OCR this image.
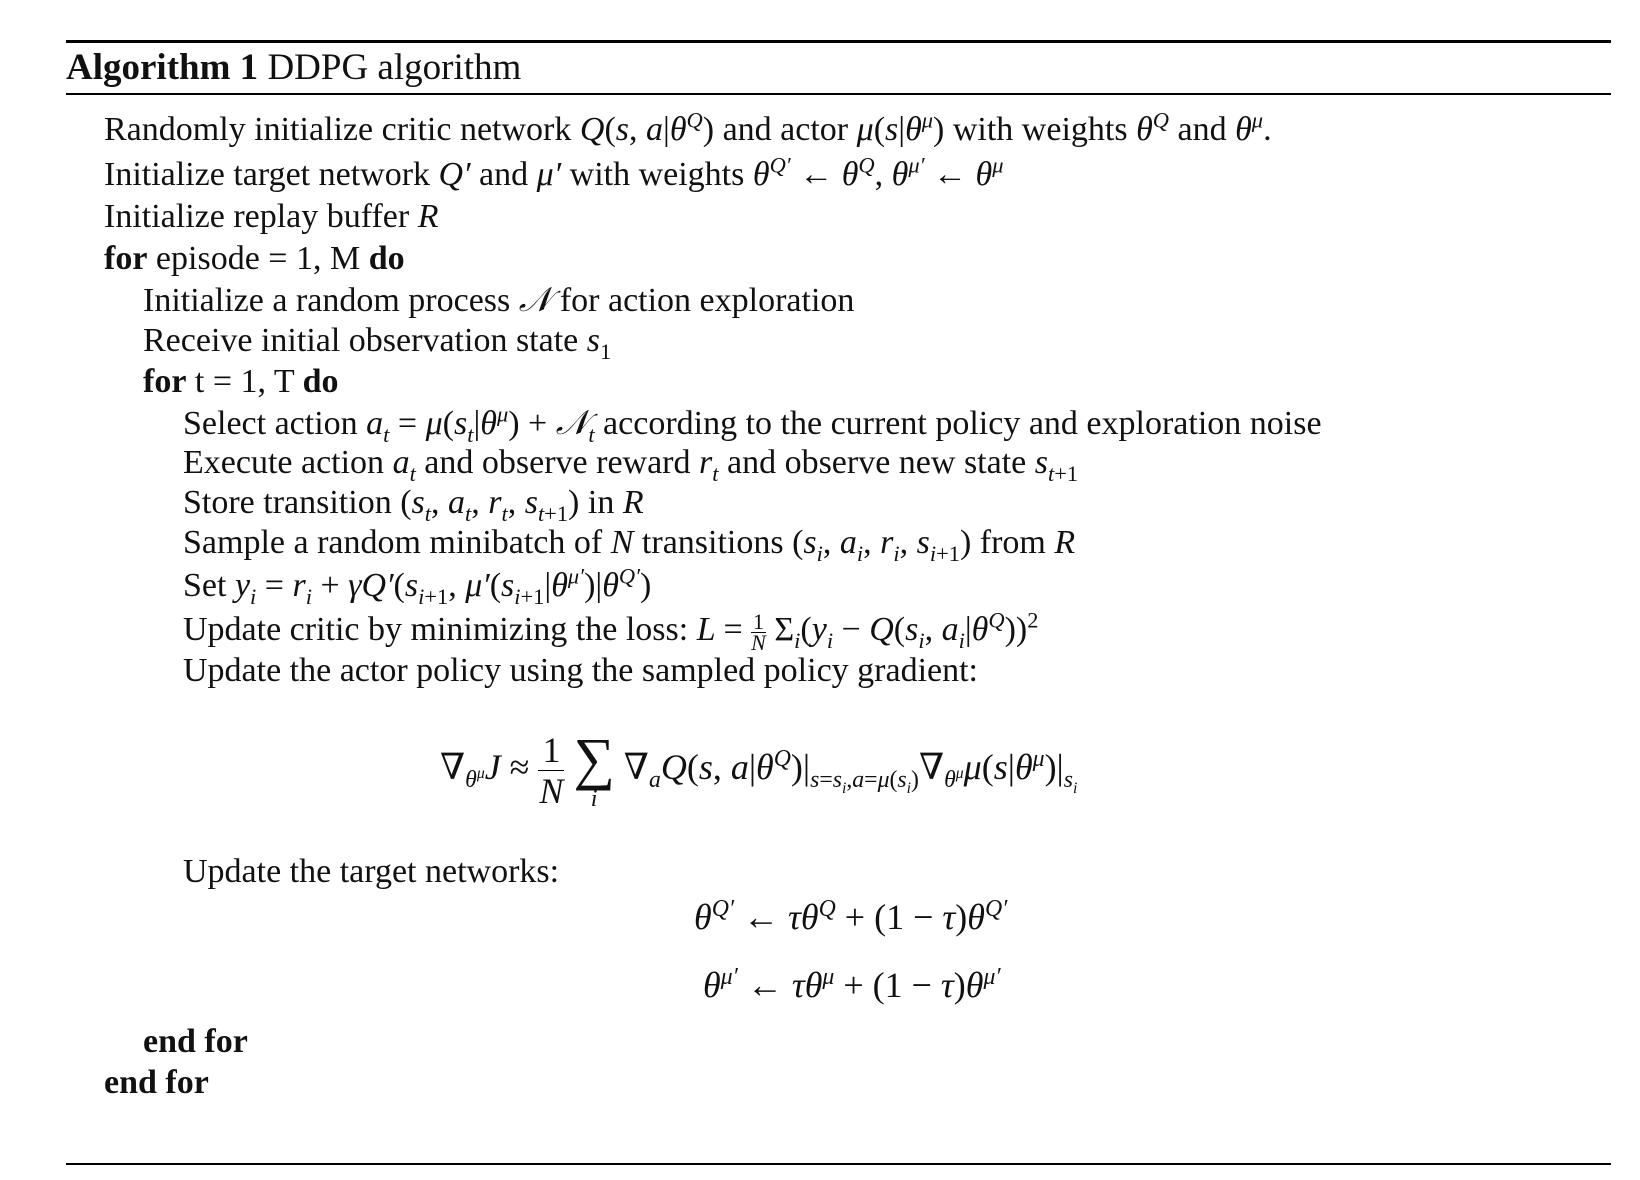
Algorithm 1 DDPG algorithm
Randomly initialize critic network Q(s, $a|\theta^Q$) and actor $\mu(s|\theta^\mu)$ with weights $\theta^Q$ and $\theta^\mu$.
Initialize target network Q′ and μ′ with weights $\theta^{Q'}$ ← $\theta^Q$, $\theta^{\mu'}$ ← $\theta^\mu$
Initialize replay buffer R
for episode = 1, M do
Initialize a random process 𝒩 for action exploration
Receive initial observation state $s_1$
for t = 1, T do
Select action $a_t = \mu(s_t|\theta^\mu)$ + 𝒩$_t$ according to the current policy and exploration noise
Execute action $a_t$ and observe reward $r_t$ and observe new state $s_{t+1}$
Store transition ($s_t$, $a_t$, $r_t$, $s_{t+1}$) in R
Sample a random minibatch of N transitions ($s_i$, $a_i$, $r_i$, $s_{i+1}$) from R
Set $y_i = r_i + \gamma Q'(s_{i+1}$, $\mu'(s_{i+1}|\theta^{\mu'})|\theta^{Q'}$)
Update critic by minimizing the loss: $L = \frac{1}{N} \Sigma_i(y_i - Q(s_i$, $a_i|\theta^Q))^2$
Update the actor policy using the sampled policy gradient:
$\nabla_{\theta^\mu}J \approx \frac{1}{N}$
∑
i
$\nabla_aQ(s$, $a|\theta^Q)|_{s=s_i,a=\mu(s_i)}\nabla_{\theta^\mu}\mu(s|\theta^\mu)|_{s_i}$
Update the target networks:
$\theta^{Q'}$ ← $\tau\theta^Q + (1 - \tau)\theta^{Q'}$
$\theta^{\mu'}$ ← $\tau\theta^\mu + (1 - \tau)\theta^{\mu'}$
end for
end for
